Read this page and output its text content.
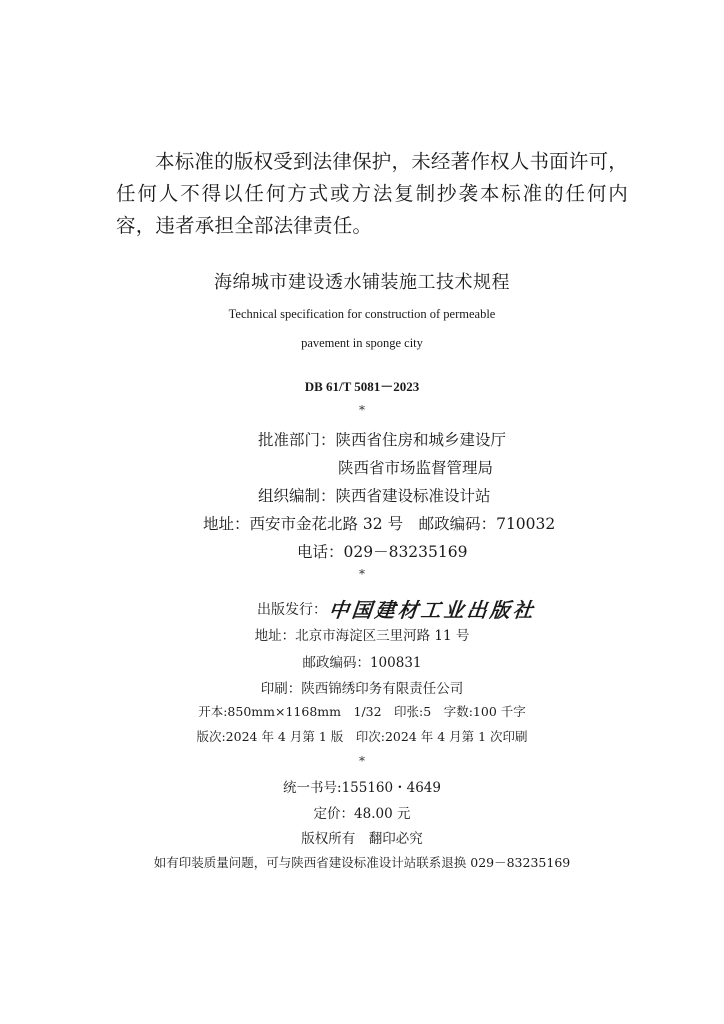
本标准的版权受到法律保护，未经著作权人书面许可，任何人不得以任何方式或方法复制抄袭本标准的任何内容，违者承担全部法律责任。

海绵城市建设透水铺装施工技术规程
Technical specification for construction of permeable
pavement in sponge city
DB 61/T 5081－2023
*
批准部门：陕西省住房和城乡建设厅
陕西省市场监督管理局
组织编制：陕西省建设标准设计站
地址：西安市金花北路 32 号　邮政编码：710032
电话：029－83235169
*
出版发行： 中国建材工业出版社
地址：北京市海淀区三里河路 11 号
邮政编码：100831
印刷：陕西锦绣印务有限责任公司
开本:850mm×1168mm　1/32　印张:5　字数:100 千字
版次:2024 年 4 月第 1 版　印次:2024 年 4 月第 1 次印刷
*
统一书号:155160・4649
定价：48.00 元
版权所有　翻印必究
如有印装质量问题，可与陕西省建设标准设计站联系退换 029－83235169
